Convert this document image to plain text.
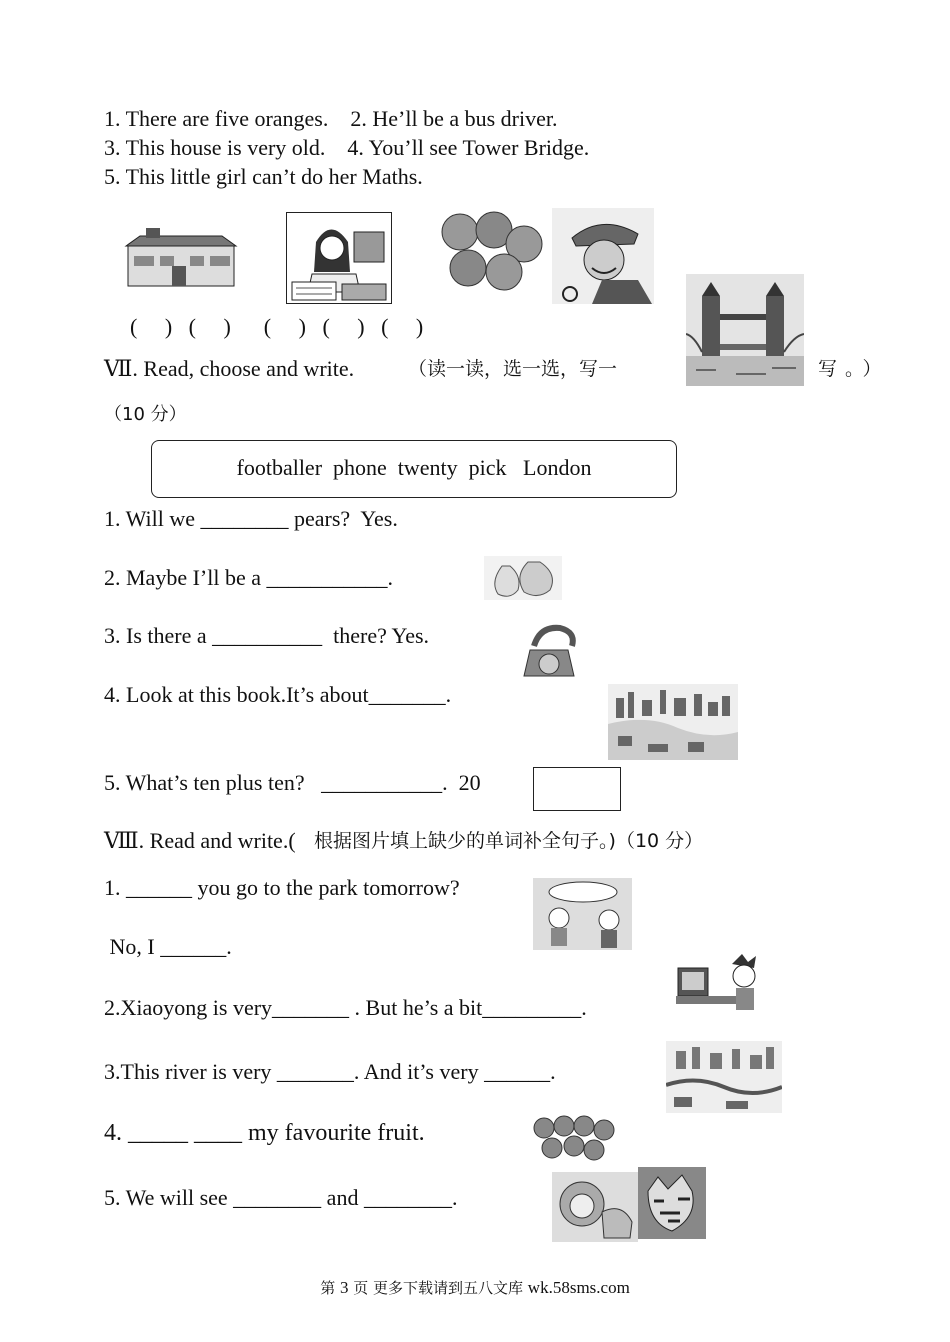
1. There are five oranges.    2. He’ll be a bus driver.
3. This house is very old.    4. You’ll see Tower Bridge.
5. This little girl can’t do her Maths.
(     )   (     )      (     )   (     )   (     )
Ⅶ. Read, choose and write.	（读一读，选一选，写一	写。）
（10 分）
footballer  phone  twenty  pick   London
1. Will we ________ pears?  Yes.
2. Maybe I’ll be a ___________.
3. Is there a __________  there? Yes.
4. Look at this book.It’s about_______.
5. What’s ten plus ten?   ___________.  20
Ⅷ. Read and write.( 根据图片填上缺少的单词补全句子。)（10 分）
1. ______ you go to the park tomorrow?
No, I ______.
2.Xiaoyong is very_______ . But he’s a bit_________.
3.This river is very _______. And it’s very ______.
4. _____ ____ my favourite fruit.
5. We will see ________ and ________.
第 3 页 更多下载请到五八文库 wk.58sms.com
